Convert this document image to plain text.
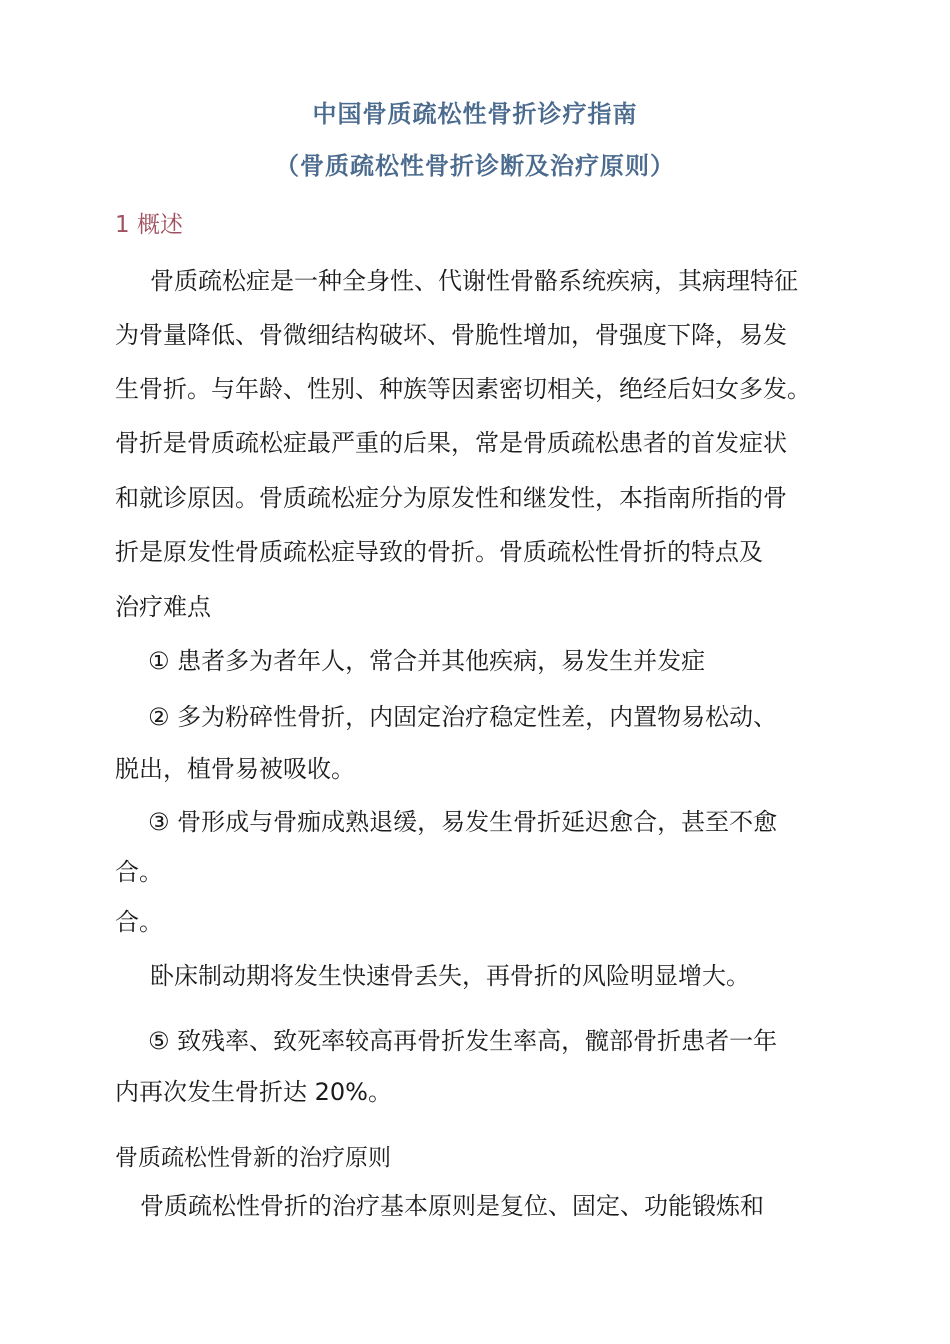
中国骨质疏松性骨折诊疗指南
（骨质疏松性骨折诊断及治疗原则）
1 概述
骨质疏松症是一种全身性、代谢性骨骼系统疾病，其病理特征
为骨量降低、骨微细结构破坏、骨脆性增加，骨强度下降，易发
生骨折。与年龄、性别、种族等因素密切相关，绝经后妇女多发。
骨折是骨质疏松症最严重的后果，常是骨质疏松患者的首发症状
和就诊原因。骨质疏松症分为原发性和继发性，本指南所指的骨
折是原发性骨质疏松症导致的骨折。骨质疏松性骨折的特点及
治疗难点
① 患者多为者年人，常合并其他疾病，易发生并发症
② 多为粉碎性骨折，内固定治疗稳定性差，内置物易松动、
脱出，植骨易被吸收。
③ 骨形成与骨痂成熟退缓，易发生骨折延迟愈合，甚至不愈
合。
合。
卧床制动期将发生快速骨丢失，再骨折的风险明显增大。
⑤ 致残率、致死率较高再骨折发生率高，髋部骨折患者一年
内再次发生骨折达 20%。
骨质疏松性骨新的治疗原则
骨质疏松性骨折的治疗基本原则是复位、固定、功能锻炼和
